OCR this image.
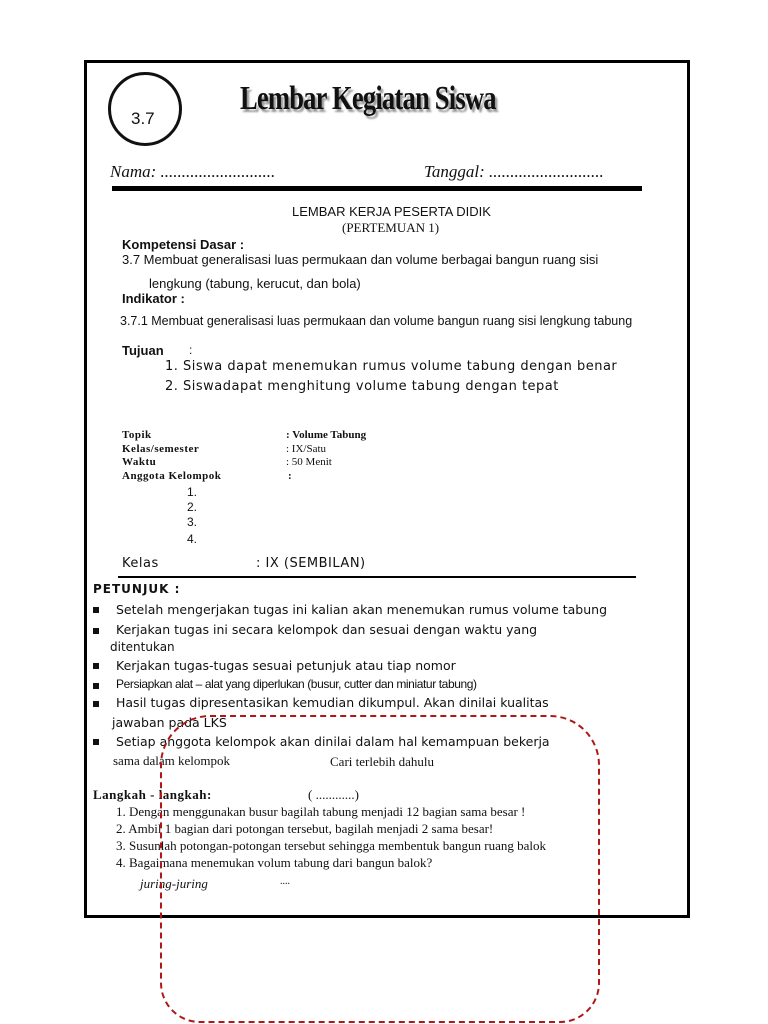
3.7
Lembar Kegiatan Siswa
Nama: ...........................	Tanggal: ...........................
LEMBAR KERJA PESERTA DIDIK
(PERTEMUAN 1)
Kompetensi Dasar :
3.7 Membuat generalisasi luas permukaan dan volume berbagai bangun ruang sisi
lengkung (tabung, kerucut, dan bola)
Indikator :
3.7.1 Membuat generalisasi luas permukaan dan volume bangun ruang sisi lengkung tabung
Tujuan :
1. Siswa dapat menemukan rumus volume tabung dengan benar
2. Siswadapat menghitung volume tabung dengan tepat
Topik	: Volume Tabung
Kelas/semester	: IX/Satu
Waktu	: 50 Menit
Anggota Kelompok	:
1.
2.
3.
4.
Kelas	: IX (SEMBILAN)
PETUNJUK :
Setelah mengerjakan tugas ini kalian akan menemukan rumus volume tabung
Kerjakan tugas ini secara kelompok dan sesuai dengan waktu yang
ditentukan
Kerjakan tugas-tugas sesuai petunjuk atau tiap nomor
Persiapkan alat – alat yang diperlukan (busur, cutter dan miniatur tabung)
Hasil tugas dipresentasikan kemudian dikumpul. Akan dinilai kualitas
jawaban pada LKS
Setiap anggota kelompok akan dinilai dalam hal kemampuan bekerja
sama dalam kelompok	Cari terlebih dahulu
Langkah - langkah:	( ............)
1. Dengan menggunakan busur bagilah tabung menjadi 12 bagian sama besar !
2. Ambil 1 bagian dari potongan tersebut, bagilah menjadi 2 sama besar!
juring-juring
3. Susunlah potongan-potongan tersebut sehingga membentuk bangun ruang balok
4. Bagaimana menemukan volum tabung dari bangun balok?
....
